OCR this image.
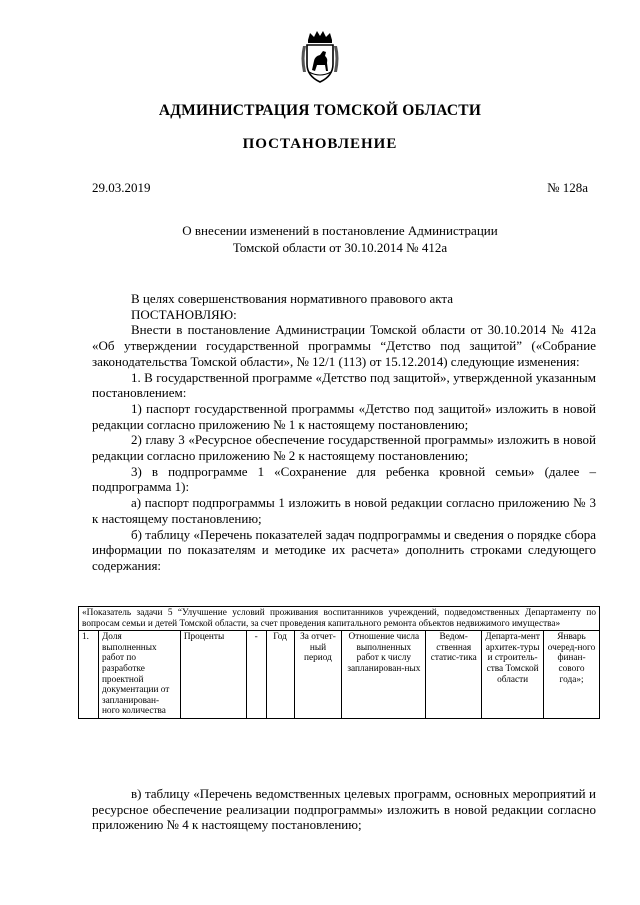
АДМИНИСТРАЦИЯ ТОМСКОЙ ОБЛАСТИ
ПОСТАНОВЛЕНИЕ
29.03.2019	№ 128а
О внесении изменений в постановление Администрации
Томской области от 30.10.2014 № 412а

В целях совершенствования нормативного правового акта

ПОСТАНОВЛЯЮ:

Внести в постановление Администрации Томской области от 30.10.2014 № 412а «Об утверждении государственной программы “Детство под защитой” («Собрание законодательства Томской области», № 12/1 (113) от 15.12.2014) следующие изменения:

1. В государственной программе «Детство под защитой», утвержденной указанным постановлением:

1) паспорт государственной программы «Детство под защитой» изложить в новой редакции согласно приложению № 1 к настоящему постановлению;

2) главу 3 «Ресурсное обеспечение государственной программы» изложить в новой редакции согласно приложению № 2 к настоящему постановлению;

3) в подпрограмме 1 «Сохранение для ребенка кровной семьи» (далее – подпрограмма 1):

а) паспорт подпрограммы 1 изложить в новой редакции согласно приложению № 3 к настоящему постановлению;

б) таблицу «Перечень показателей задач подпрограммы и сведения о порядке сбора информации по показателям и методике их расчета» дополнить строками следующего содержания:

«Показатель задачи 5 “Улучшение условий проживания воспитанников учреждений, подведомственных Департаменту по вопросам семьи и детей Томской области, за счет проведения капитального ремонта объектов недвижимого имущества»
1.	Доля выполненных работ по разработке проектной документации от запланирован-ного количества	Проценты	-	Год	За отчет-ный период	Отношение числа выполненных работ к числу запланирован-ных	Ведом-ственная статис-тика	Департа-мент архитек-туры и строитель-ства Томской области	Январь очеред-ного финан-сового года»;

в) таблицу «Перечень ведомственных целевых программ, основных мероприятий и ресурсное обеспечение реализации подпрограммы» изложить в новой редакции согласно приложению № 4 к настоящему постановлению;
